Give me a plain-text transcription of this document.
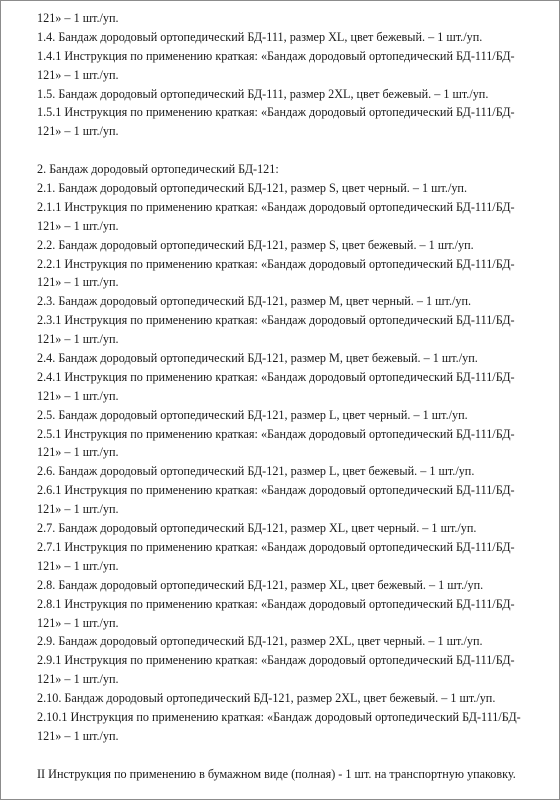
121» – 1 шт./уп.
1.4. Бандаж дородовый ортопедический БД-111, размер XL, цвет бежевый. – 1 шт./уп.
1.4.1 Инструкция по применению краткая: «Бандаж дородовый ортопедический БД-111/БД-
121» – 1 шт./уп.
1.5. Бандаж дородовый ортопедический БД-111, размер 2XL, цвет бежевый. – 1 шт./уп.
1.5.1 Инструкция по применению краткая: «Бандаж дородовый ортопедический БД-111/БД-
121» – 1 шт./уп.
2. Бандаж дородовый ортопедический БД-121:
2.1. Бандаж дородовый ортопедический БД-121, размер S, цвет черный. – 1 шт./уп.
2.1.1 Инструкция по применению краткая: «Бандаж дородовый ортопедический БД-111/БД-
121» – 1 шт./уп.
2.2. Бандаж дородовый ортопедический БД-121, размер S, цвет бежевый. – 1 шт./уп.
2.2.1 Инструкция по применению краткая: «Бандаж дородовый ортопедический БД-111/БД-
121» – 1 шт./уп.
2.3. Бандаж дородовый ортопедический БД-121, размер M, цвет черный. – 1 шт./уп.
2.3.1 Инструкция по применению краткая: «Бандаж дородовый ортопедический БД-111/БД-
121» – 1 шт./уп.
2.4. Бандаж дородовый ортопедический БД-121, размер M, цвет бежевый. – 1 шт./уп.
2.4.1 Инструкция по применению краткая: «Бандаж дородовый ортопедический БД-111/БД-
121» – 1 шт./уп.
2.5. Бандаж дородовый ортопедический БД-121, размер L, цвет черный. – 1 шт./уп.
2.5.1 Инструкция по применению краткая: «Бандаж дородовый ортопедический БД-111/БД-
121» – 1 шт./уп.
2.6. Бандаж дородовый ортопедический БД-121, размер L, цвет бежевый. – 1 шт./уп.
2.6.1 Инструкция по применению краткая: «Бандаж дородовый ортопедический БД-111/БД-
121» – 1 шт./уп.
2.7. Бандаж дородовый ортопедический БД-121, размер XL, цвет черный. – 1 шт./уп.
2.7.1 Инструкция по применению краткая: «Бандаж дородовый ортопедический БД-111/БД-
121» – 1 шт./уп.
2.8. Бандаж дородовый ортопедический БД-121, размер XL, цвет бежевый. – 1 шт./уп.
2.8.1 Инструкция по применению краткая: «Бандаж дородовый ортопедический БД-111/БД-
121» – 1 шт./уп.
2.9. Бандаж дородовый ортопедический БД-121, размер 2XL, цвет черный. – 1 шт./уп.
2.9.1 Инструкция по применению краткая: «Бандаж дородовый ортопедический БД-111/БД-
121» – 1 шт./уп.
2.10. Бандаж дородовый ортопедический БД-121, размер 2XL, цвет бежевый. – 1 шт./уп.
2.10.1 Инструкция по применению краткая: «Бандаж дородовый ортопедический БД-111/БД-
121» – 1 шт./уп.
II Инструкция по применению в бумажном виде (полная) - 1 шт. на транспортную упаковку.
